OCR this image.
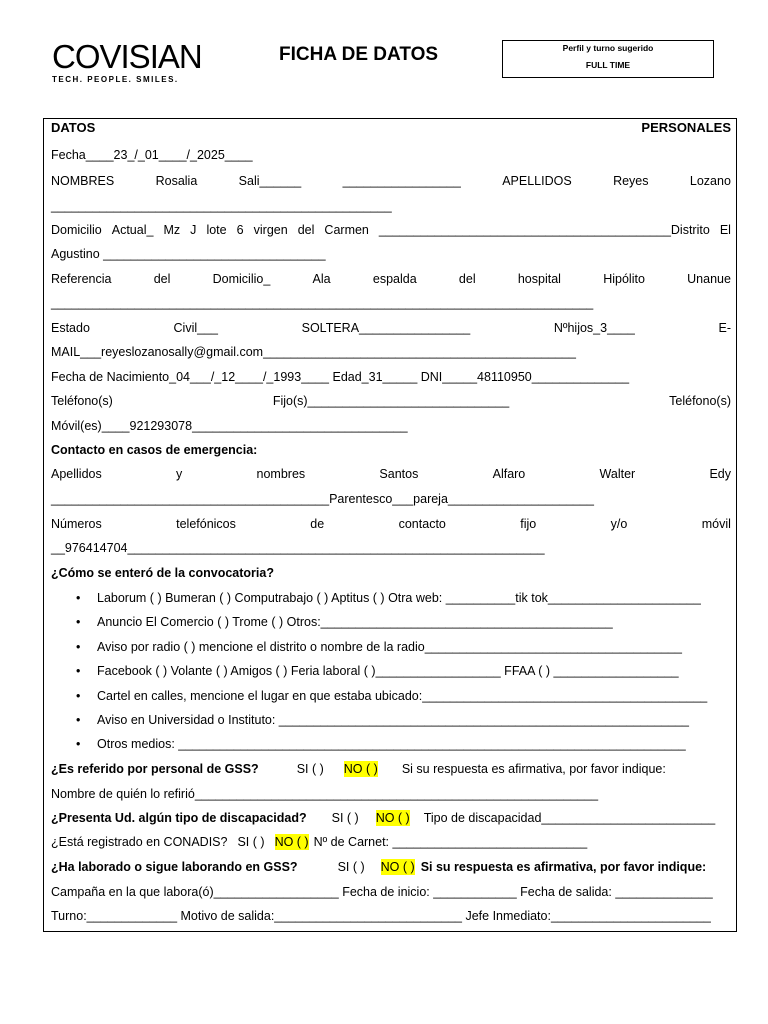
COVISIAN
TECH. PEOPLE. SMILES.
FICHA DE DATOS	Perfil y turno sugerido
FULL TIME
DATOS	PERSONALES
Fecha____23_/_01____/_2025____
NOMBRES	Rosalia	Sali______	_________________	APELLIDOS	Reyes	Lozano
_________________________________________________
Domicilio Actual_ Mz J lote 6 virgen del Carmen __________________________________________Distrito El
Agustino ________________________________
Referencia	del	Domicilio_	Ala	espalda	del	hospital	Hipólito	Unanue
______________________________________________________________________________
Estado	Civil___	SOLTERA________________	Nºhijos_3____	E-
MAIL___reyeslozanosally@gmail.com_____________________________________________
Fecha de Nacimiento_04___/_12____/_1993____ Edad_31_____ DNI_____48110950______________
Teléfono(s)	Fijo(s)_____________________________	Teléfono(s)
Móvil(es)____921293078_______________________________
Contacto en casos de emergencia:
Apellidos	y	nombres	Santos	Alfaro	Walter	Edy
________________________________________Parentesco___pareja_____________________
Números	telefónicos	de	contacto	fijo	y/o	móvil
__976414704____________________________________________________________
¿Cómo se enteró de la convocatoria?
• Laborum ( ) Bumeran ( ) Computrabajo ( ) Aptitus ( ) Otra web: __________tik tok______________________
• Anuncio El Comercio ( ) Trome ( ) Otros:__________________________________________
• Aviso por radio ( ) mencione el distrito o nombre de la radio_____________________________________
• Facebook ( ) Volante ( ) Amigos ( ) Feria laboral ( )__________________ FFAA ( ) __________________
• Cartel en calles, mencione el lugar en que estaba ubicado:_________________________________________
• Aviso en Universidad o Instituto: ___________________________________________________________
• Otros medios: _________________________________________________________________________
¿Es referido por personal de GSS?	SI ( ) NO ( ) Si su respuesta es afirmativa, por favor indique:
Nombre de quién lo refirió__________________________________________________________
¿Presenta Ud. algún tipo de discapacidad? SI ( ) NO ( ) Tipo de discapacidad_________________________
¿Está registrado en CONADIS? SI ( ) NO ( ) Nº de Carnet: ____________________________
¿Ha laborado o sigue laborando en GSS?	SI ( ) NO ( ) Si su respuesta es afirmativa, por favor indique:
Campaña en la que labora(ó)__________________ Fecha de inicio: ____________ Fecha de salida: ______________
Turno:_____________ Motivo de salida:___________________________ Jefe Inmediato:_______________________
